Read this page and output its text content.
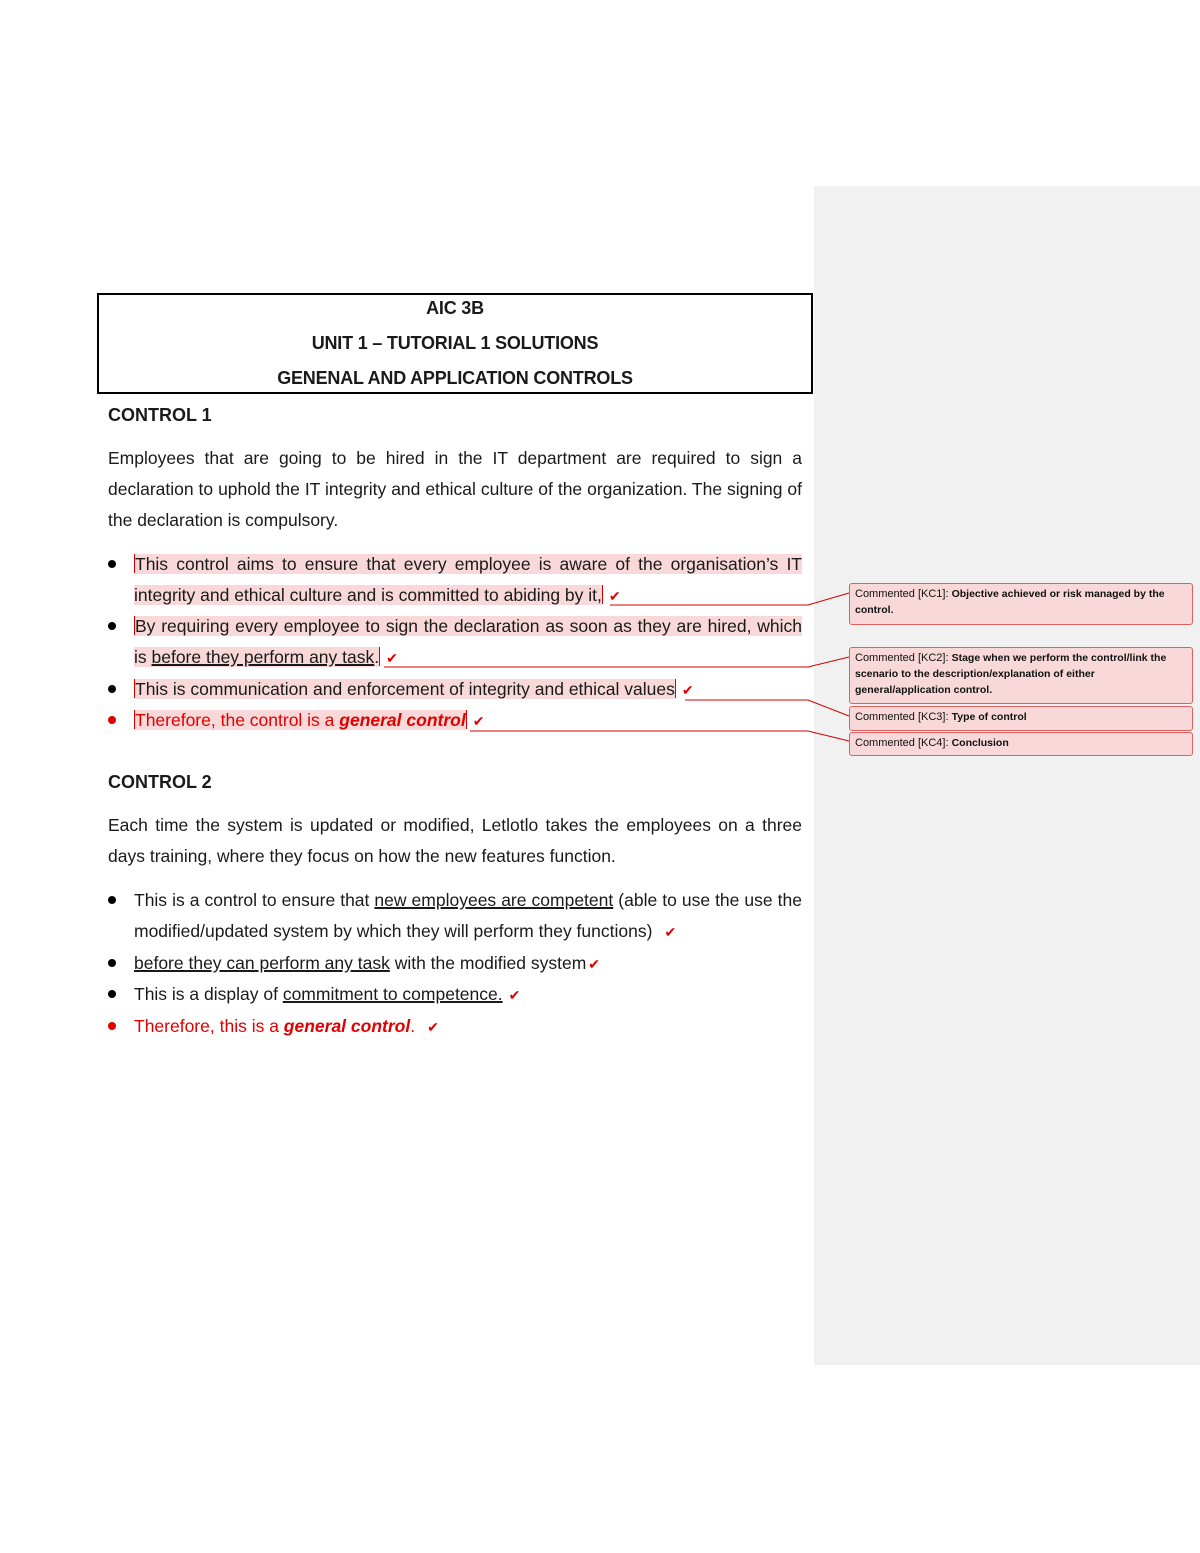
AIC 3B
UNIT 1 – TUTORIAL 1 SOLUTIONS
GENENAL AND APPLICATION CONTROLS
CONTROL 1
Employees that are going to be hired in the IT department are required to sign a declaration to uphold the IT integrity and ethical culture of the organization. The signing of the declaration is compulsory.
This control aims to ensure that every employee is aware of the organisation’s IT integrity and ethical culture and is committed to abiding by it, ✔
By requiring every employee to sign the declaration as soon as they are hired, which is before they perform any task. ✔
This is communication and enforcement of integrity and ethical values ✔
Therefore, the control is a general control ✔
CONTROL 2
Each time the system is updated or modified, Letlotlo takes the employees on a three days training, where they focus on how the new features function.
This is a control to ensure that new employees are competent (able to use the use the modified/updated system by which they will perform they functions) ✔
before they can perform any task with the modified system ✔
This is a display of commitment to competence. ✔
Therefore, this is a general control. ✔
Commented [KC1]: Objective achieved or risk managed by the control.
Commented [KC2]: Stage when we perform the control/link the scenario to the description/explanation of either general/application control.
Commented [KC3]: Type of control
Commented [KC4]: Conclusion
